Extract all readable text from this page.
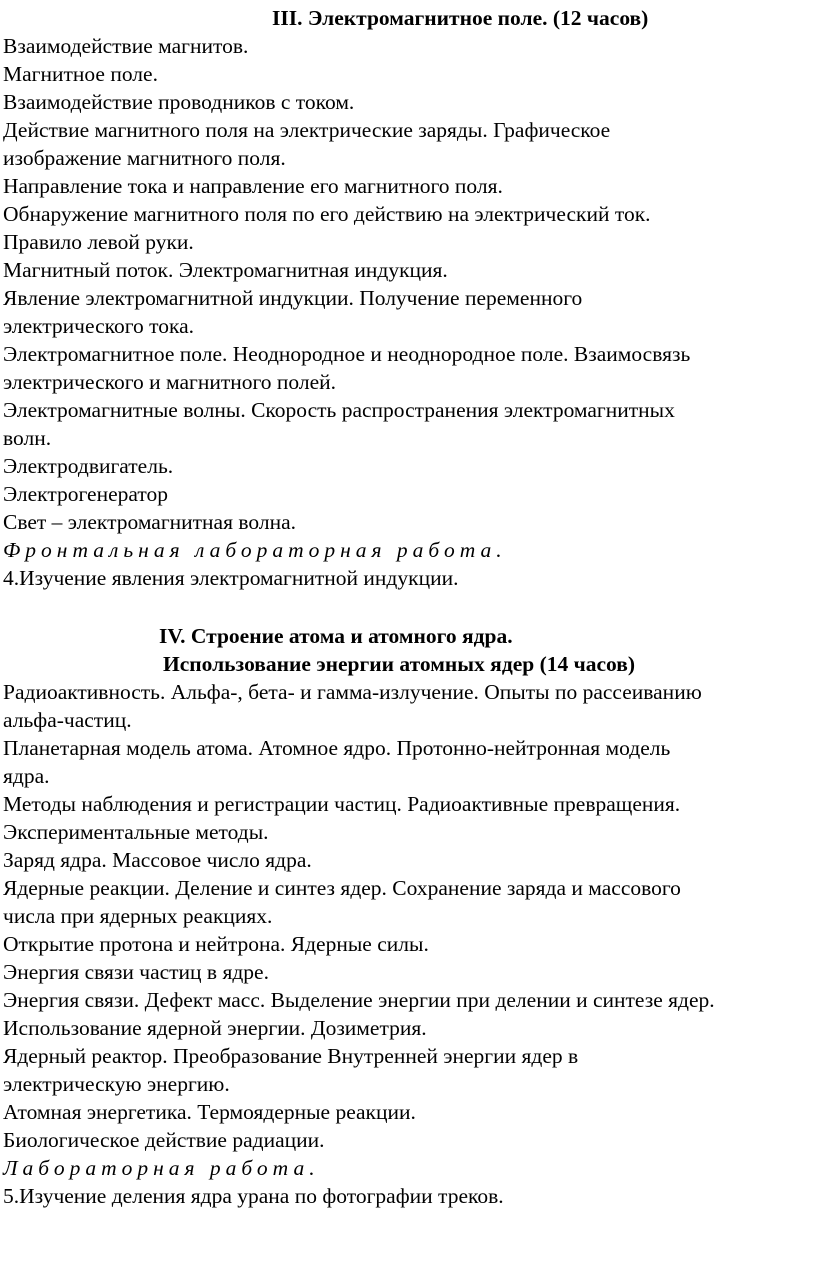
III. Электромагнитное поле. (12 часов)
Взаимодействие магнитов.
Магнитное поле.
Взаимодействие проводников с током.
Действие магнитного поля на электрические заряды. Графическое
изображение магнитного поля.
Направление тока и направление его магнитного поля.
Обнаружение магнитного поля по его действию на электрический ток.
Правило левой руки.
Магнитный поток. Электромагнитная индукция.
Явление электромагнитной индукции. Получение переменного
электрического тока.
Электромагнитное поле. Неоднородное и неоднородное поле. Взаимосвязь
электрического и магнитного полей.
Электромагнитные волны. Скорость распространения электромагнитных
волн.
Электродвигатель.
Электрогенератор
Свет – электромагнитная волна.
Фронтальная лабораторная работа.
4.Изучение явления электромагнитной индукции.
IV. Строение атома и атомного ядра.
Использование энергии атомных ядер (14 часов)
Радиоактивность. Альфа-, бета- и гамма-излучение. Опыты по рассеиванию
альфа-частиц.
Планетарная модель атома. Атомное ядро. Протонно-нейтронная модель
ядра.
Методы наблюдения и регистрации частиц. Радиоактивные превращения.
Экспериментальные методы.
Заряд ядра. Массовое число ядра.
Ядерные реакции. Деление и синтез ядер. Сохранение заряда и массового
числа при ядерных реакциях.
Открытие протона и нейтрона. Ядерные силы.
Энергия связи частиц в ядре.
Энергия связи. Дефект масс. Выделение энергии при делении и синтезе ядер.
Использование ядерной энергии. Дозиметрия.
Ядерный реактор. Преобразование Внутренней энергии ядер в
электрическую энергию.
Атомная энергетика. Термоядерные реакции.
Биологическое действие радиации.
Лабораторная работа.
5.Изучение деления ядра урана по фотографии треков.
